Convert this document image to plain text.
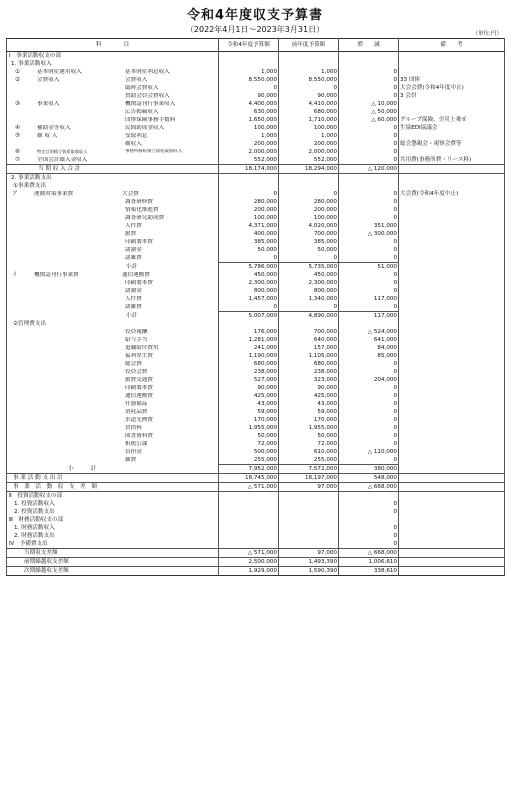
令和4年度収支予算書
（2022年4月1日～2023年3月31日）	（単位:円）
科　　　　目	令和4年度予算額	前年度予算額	増　　減	備　　考
Ⅰ　事業活動収支の部				
1. 事業活動収入				
① 基本財産運用収入 基本財産利息収入	1,000	1,000	0	
② 会費収入 会費収入	8,550,000	8,550,000	0	33 団体
臨時会費収入	0	0	0	大会会費(令和4年度中止)
賛助会員会費収入	90,000	90,000	0	3 会員
③ 事業収入 機関誌刊行事業収入	4,400,000	4,410,000	△ 10,000	
広告掲載収入	630,000	680,000	△ 50,000	
団体保険事務手数料	1,650,000	1,710,000	△ 60,000	グループ保険、労災上乗せ
④ 補助金等収入 民間助成金収入	100,000	100,000	0	生協EDI協議会
⑤ 雑 収 入 受取利息	1,000	1,000	0	
雑収入	200,000	200,000	0	総会懇親会・視察会費等
⑥ 特定目的積立資産取崩収入 事務所移転積立資産取崩収入	2,000,000	2,000,000	0	
⑦ 全国会計繰入金収入	552,000	552,000	0	共用費(事務所費・リース料)
当 期 収 入 合 計	18,174,000	18,294,000	△ 120,000	
2. 事業活動支出				
①事業費支出				
ア 運動対策事業費 大会費	0	0	0	大会費(令和4年度中止)
調査研修費	280,000	280,000	0	
情報化推進費	200,000	200,000	0	
調査研究助成費	100,000	100,000	0	
人件費	4,371,000	4,020,000	351,000	
旅費	400,000	700,000	△ 300,000	
印刷製本費	385,000	385,000	0	
諸謝金	50,000	50,000	0	
諸雑費	0	0	0	
小計	5,786,000	5,735,000	51,000	
イ 機関誌刊行事業費 通信運搬費	450,000	450,000	0	
印刷製本費	2,300,000	2,300,000	0	
諸謝金	800,000	800,000	0	
人件費	1,457,000	1,340,000	117,000	
諸雑費	0	0	0	
小計	5,007,000	4,890,000	117,000	
②管理費支出				
役員報酬	176,000	700,000	△ 524,000	
給与手当	1,281,000	640,000	641,000	
退職給付費用	241,000	157,000	84,000	
福利厚生費	1,190,000	1,105,000	85,000	
総会費	680,000	680,000	0	
役員会費	238,000	238,000	0	
旅費交通費	527,000	323,000	204,000	
印刷製本費	90,000	90,000	0	
通信運搬費	425,000	425,000	0	
什器備品	43,000	43,000	0	
消耗品費	59,000	59,000	0	
水道光熱費	170,000	170,000	0	
賃借料	1,955,000	1,955,000	0	
図書資料費	50,000	50,000	0	
租税公課	72,000	72,000	0	
負担金	500,000	610,000	△ 110,000	
雑費	255,000	255,000	0	
小　　　計	7,952,000	7,572,000	380,000	
事 業 活 動 支 出 計	18,745,000	18,197,000	548,000	
事　業　活　動　収　支　差　額	△ 571,000	97,000	△ 668,000	
Ⅱ　投資活動収支の部				
1. 投資活動収入			0	
2. 投資活動支出			0	
Ⅲ　財務活動収支の部				
1. 財務活動収入			0	
2. 財務活動支出			0	
Ⅳ　予備費支出			0	
当期収支差額	△ 571,000	97,000	△ 668,000	
前期繰越収支差額	2,500,000	1,493,390	1,006,610	
次期繰越収支差額	1,929,000	1,590,390	338,610	
